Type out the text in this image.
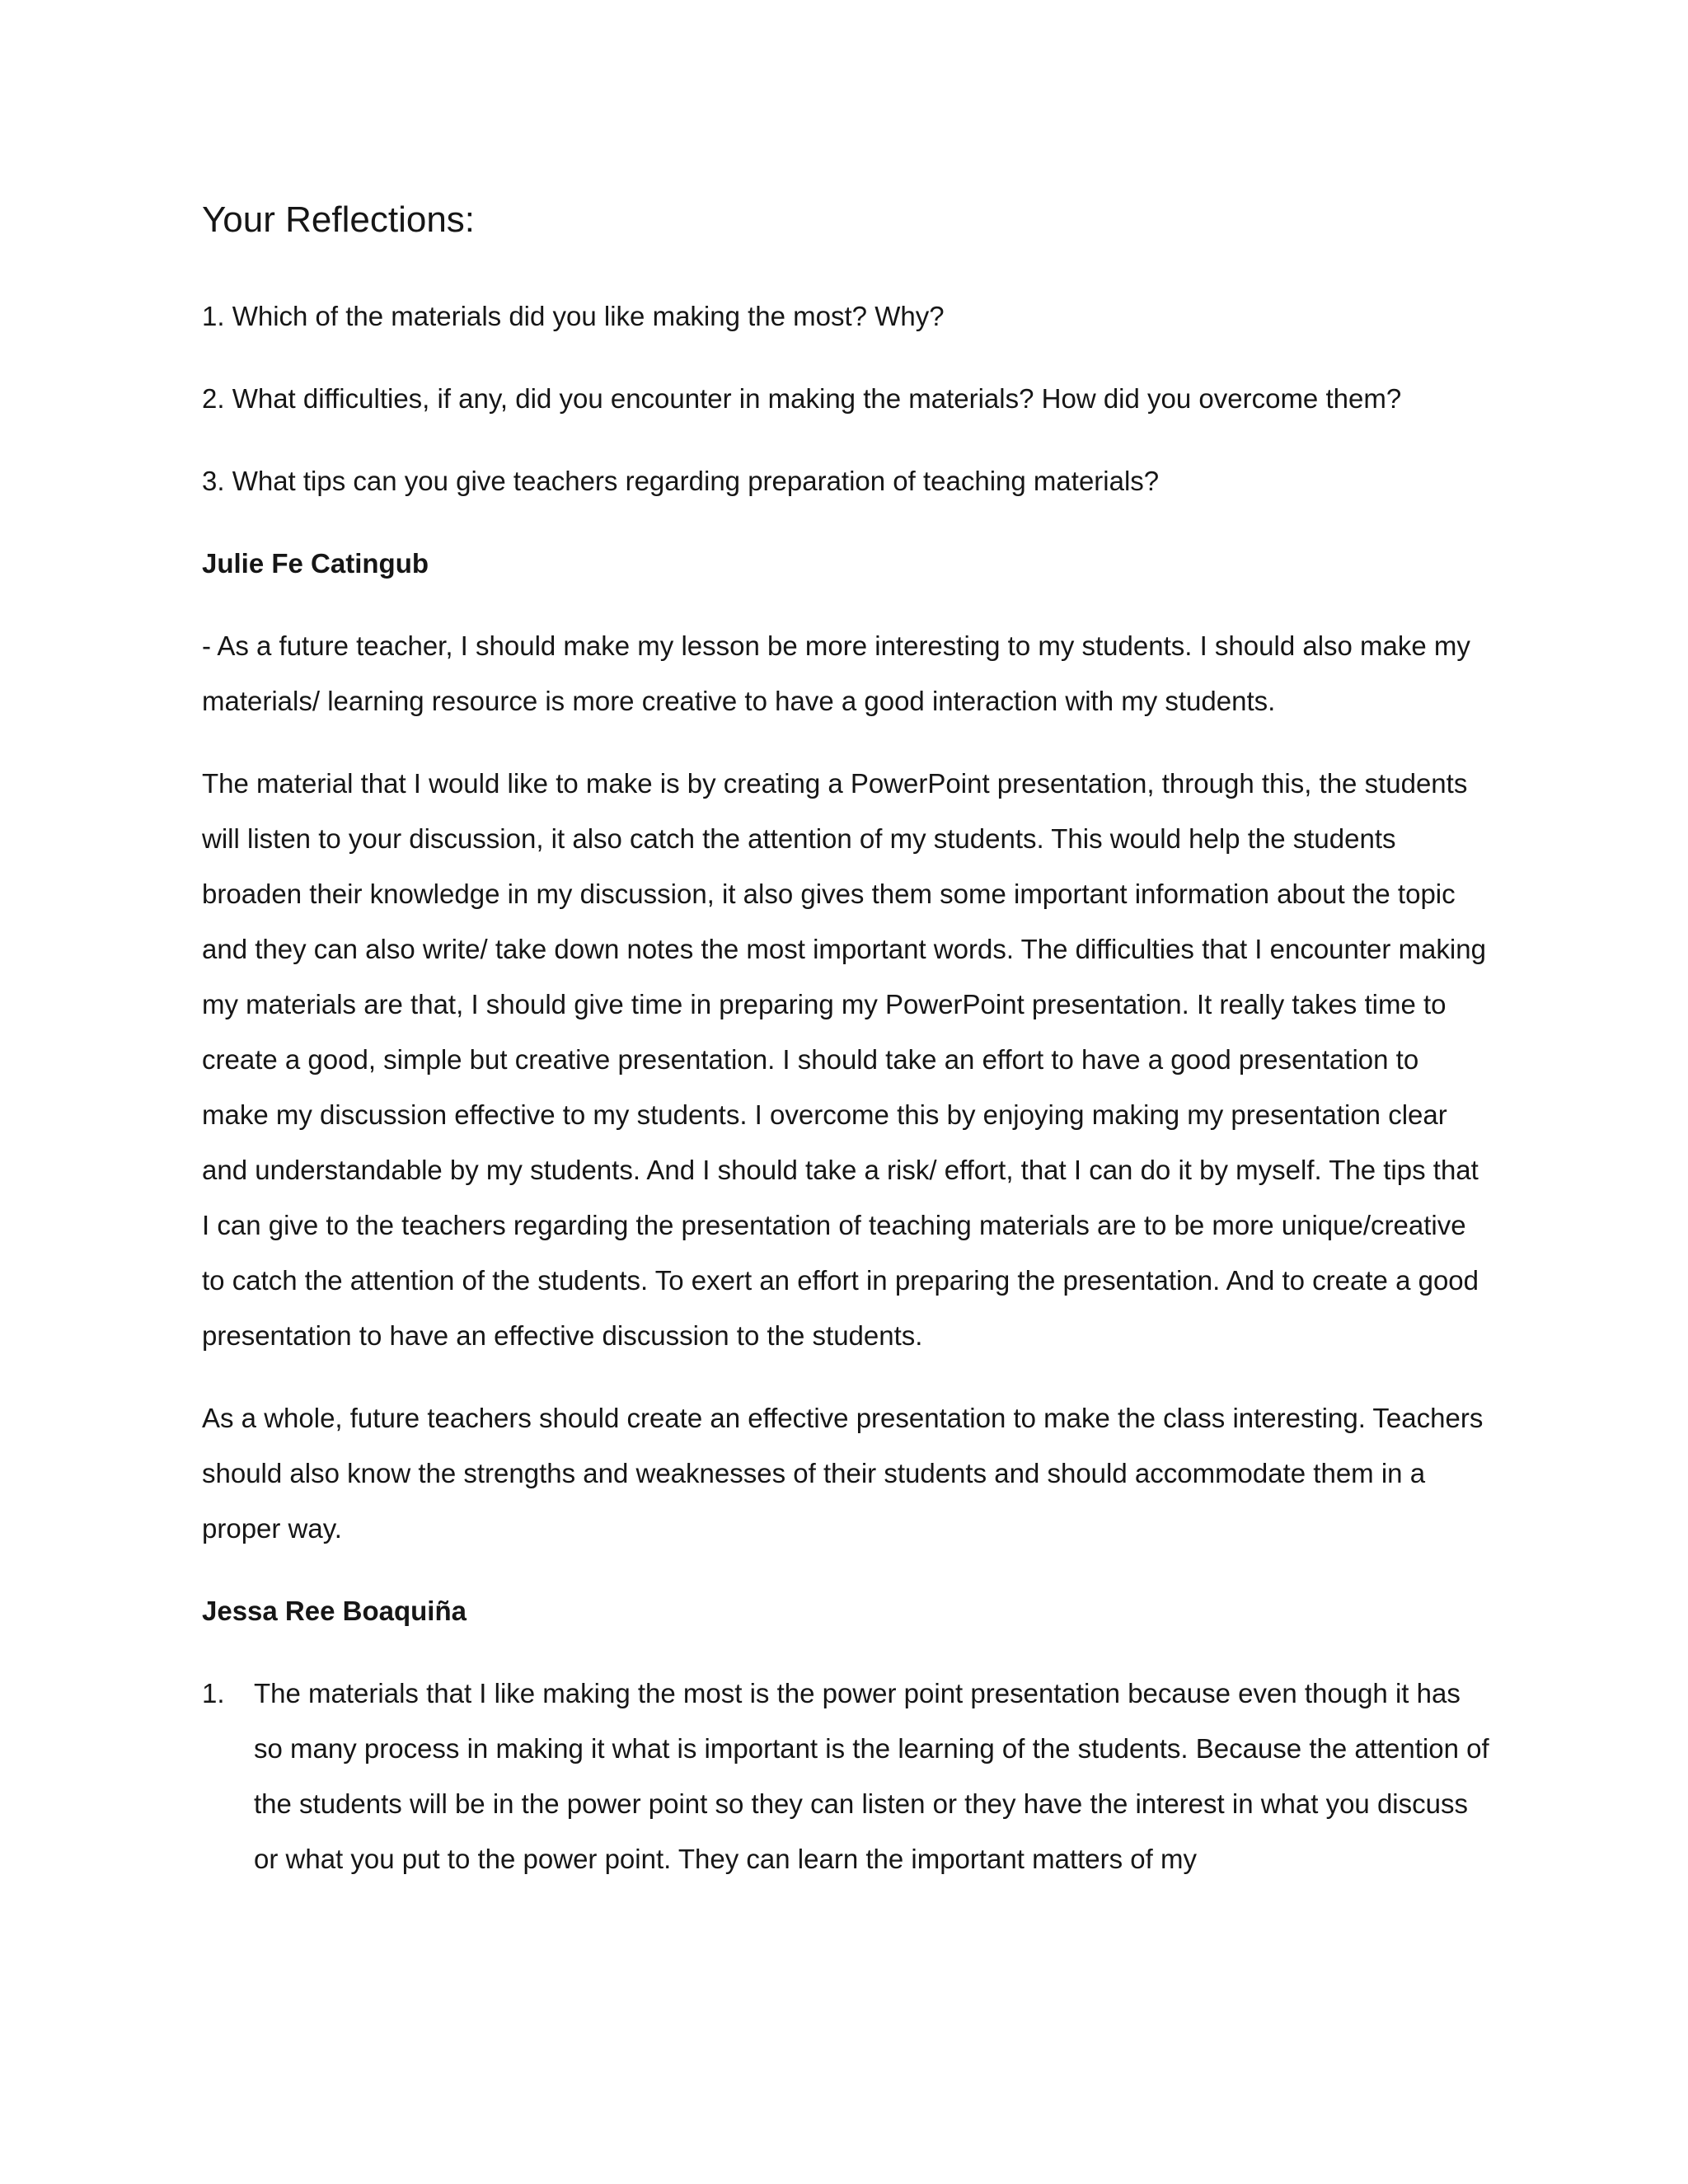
Your Reflections:

1. Which of the materials did you like making the most? Why?

2. What difficulties, if any, did you encounter in making the materials? How did you overcome them?

3. What tips can you give teachers regarding preparation of teaching materials?

Julie Fe Catingub

- As a future teacher, I should make my lesson be more interesting to my students. I should also make my materials/ learning resource is more creative to have a good interaction with my students.

The material that I would like to make is by creating a PowerPoint presentation, through this, the students will listen to your discussion, it also catch the attention of my students. This would help the students broaden their knowledge in my discussion, it also gives them some important information about the topic and they can also write/ take down notes the most important words. The difficulties that I encounter making my materials are that, I should give time in preparing my PowerPoint presentation. It really takes time to create a good, simple but creative presentation. I should take an effort to have a good presentation to make my discussion effective to my students. I overcome this by enjoying making my presentation clear and understandable by my students. And I should take a risk/ effort, that I can do it by myself. The tips that I can give to the teachers regarding the presentation of teaching materials are to be more unique/creative to catch the attention of the students. To exert an effort in preparing the presentation. And to create a good presentation to have an effective discussion to the students.

As a whole, future teachers should create an effective presentation to make the class interesting. Teachers should also know the strengths and weaknesses of their students and should accommodate them in a proper way.

Jessa Ree Boaquiña

1.	The materials that I like making the most is the power point presentation because even though it has so many process in making it what is important is the learning of the students. Because the attention of the students will be in the power point so they can listen or they have the interest in what you discuss or what you put to the power point. They can learn the important matters of my
